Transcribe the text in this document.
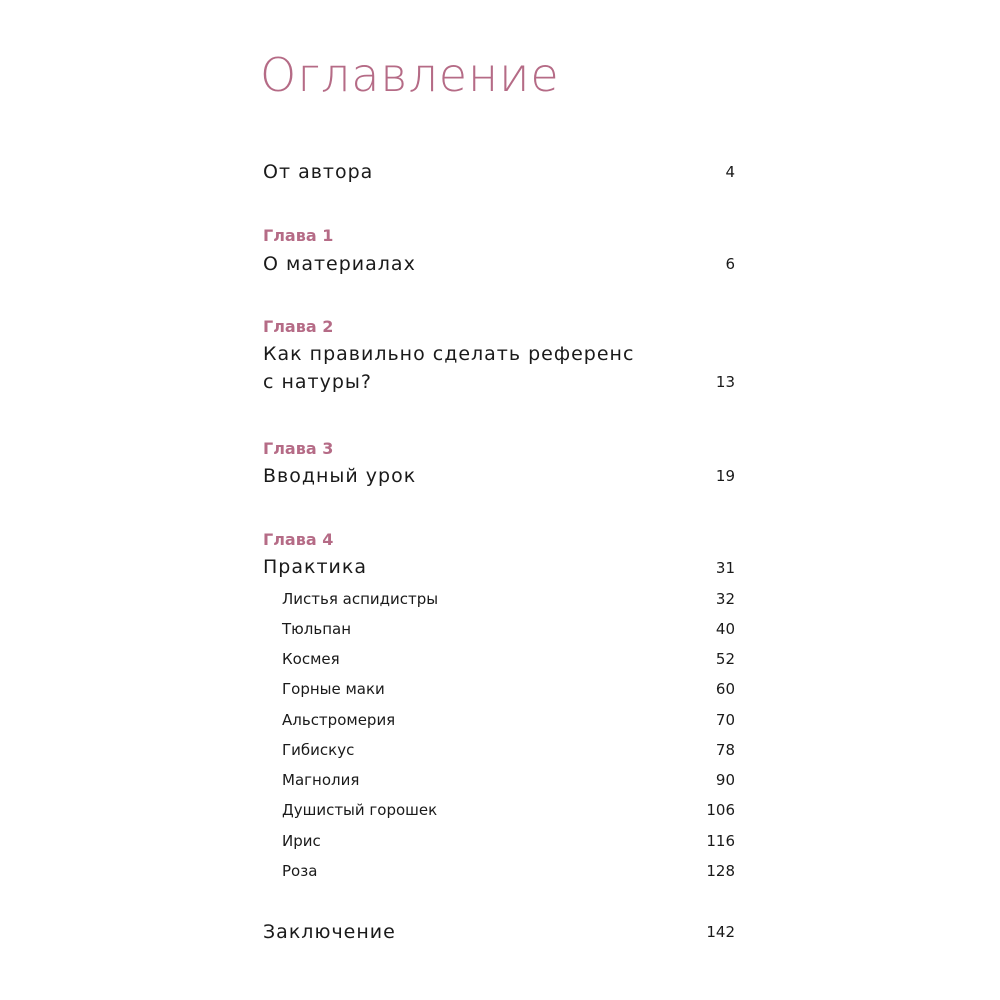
Оглавление
От автора	4
Глава 1
О материалах	6
Глава 2
Как правильно сделать референс
с натуры?	13
Глава 3
Вводный урок	19
Глава 4
Практика	31
Листья аспидистры	32
Тюльпан	40
Космея	52
Горные маки	60
Альстромерия	70
Гибискус	78
Магнолия	90
Душистый горошек	106
Ирис	116
Роза	128
Заключение	142
